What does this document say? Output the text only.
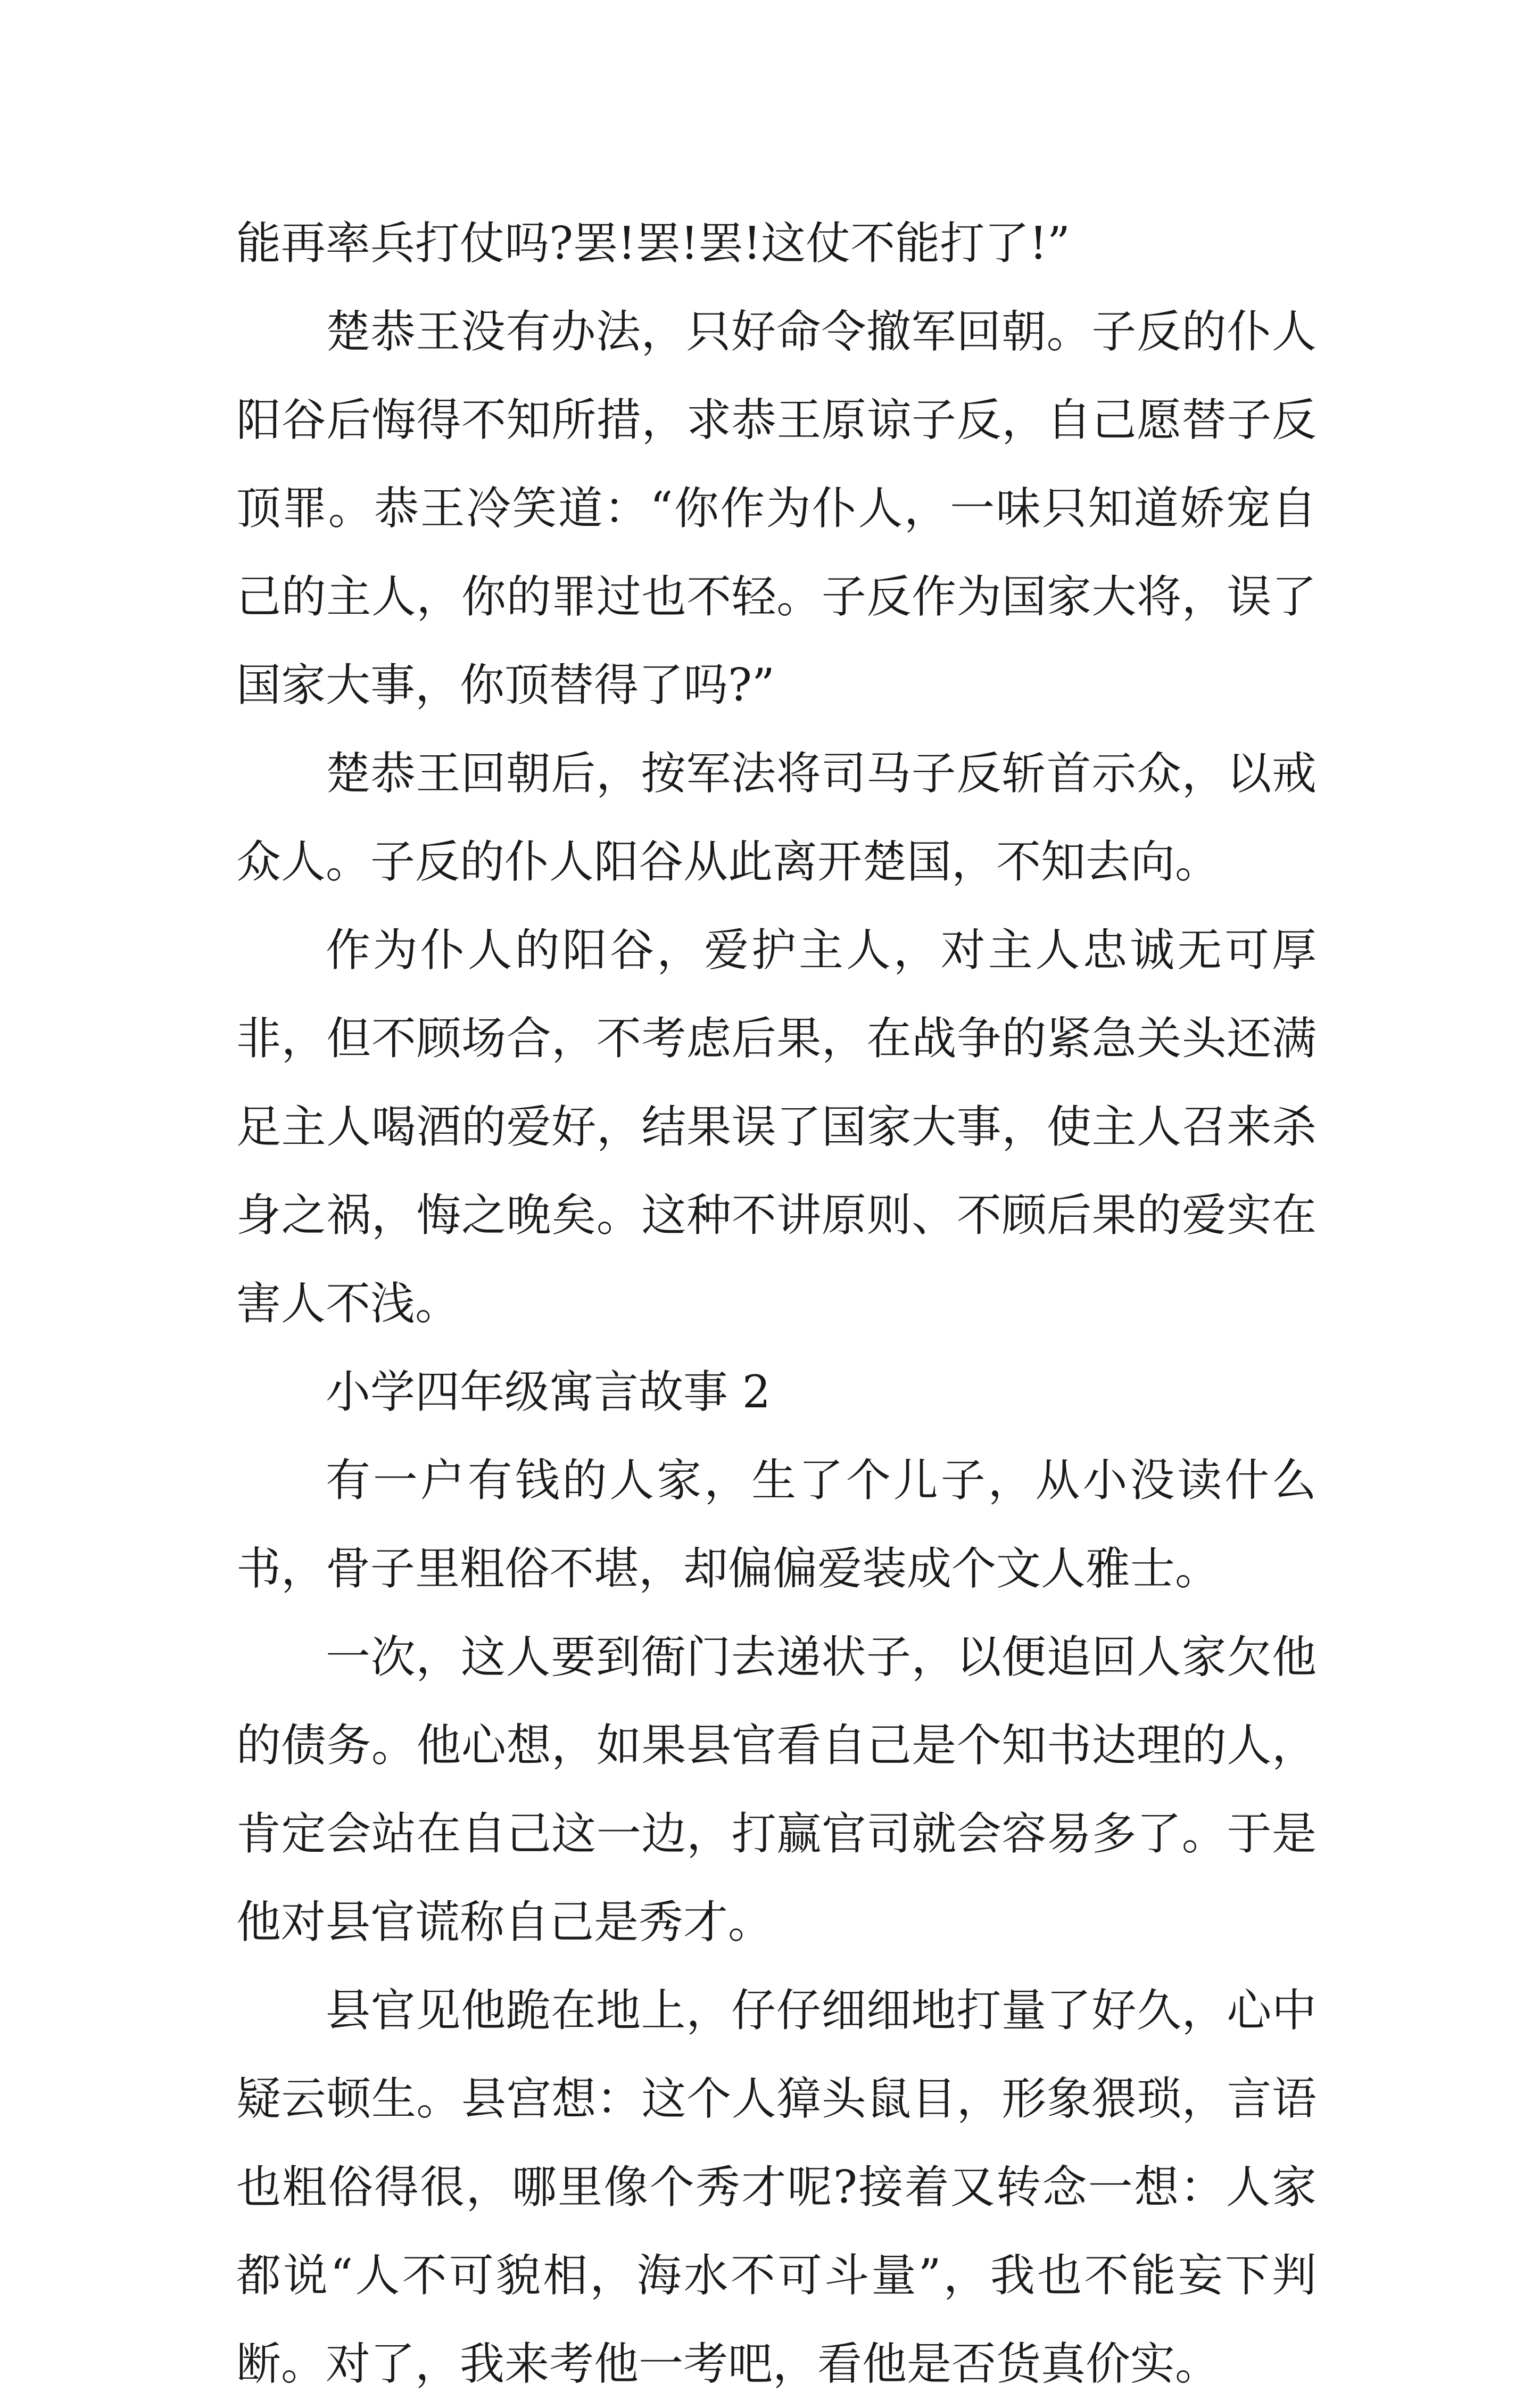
能再率兵打仗吗?罢!罢!罢!这仗不能打了!”

楚恭王没有办法，只好命令撤军回朝。子反的仆人阳谷后悔得不知所措，求恭王原谅子反，自己愿替子反顶罪。恭王冷笑道：“你作为仆人，一味只知道娇宠自己的主人，你的罪过也不轻。子反作为国家大将，误了国家大事，你顶替得了吗?”

楚恭王回朝后，按军法将司马子反斩首示众，以戒众人。子反的仆人阳谷从此离开楚国，不知去向。

作为仆人的阳谷，爱护主人，对主人忠诚无可厚非，但不顾场合，不考虑后果，在战争的紧急关头还满足主人喝酒的爱好，结果误了国家大事，使主人召来杀身之祸，悔之晚矣。这种不讲原则、不顾后果的爱实在害人不浅。

小学四年级寓言故事 2

有一户有钱的人家，生了个儿子，从小没读什么书，骨子里粗俗不堪，却偏偏爱装成个文人雅士。

一次，这人要到衙门去递状子，以便追回人家欠他的债务。他心想，如果县官看自己是个知书达理的人，肯定会站在自己这一边，打赢官司就会容易多了。于是他对县官谎称自己是秀才。

县官见他跪在地上，仔仔细细地打量了好久，心中疑云顿生。县宫想：这个人獐头鼠目，形象猥琐，言语也粗俗得很，哪里像个秀才呢?接着又转念一想：人家都说“人不可貌相，海水不可斗量”，我也不能妄下判断。对了，我来考他一考吧，看他是否货真价实。
